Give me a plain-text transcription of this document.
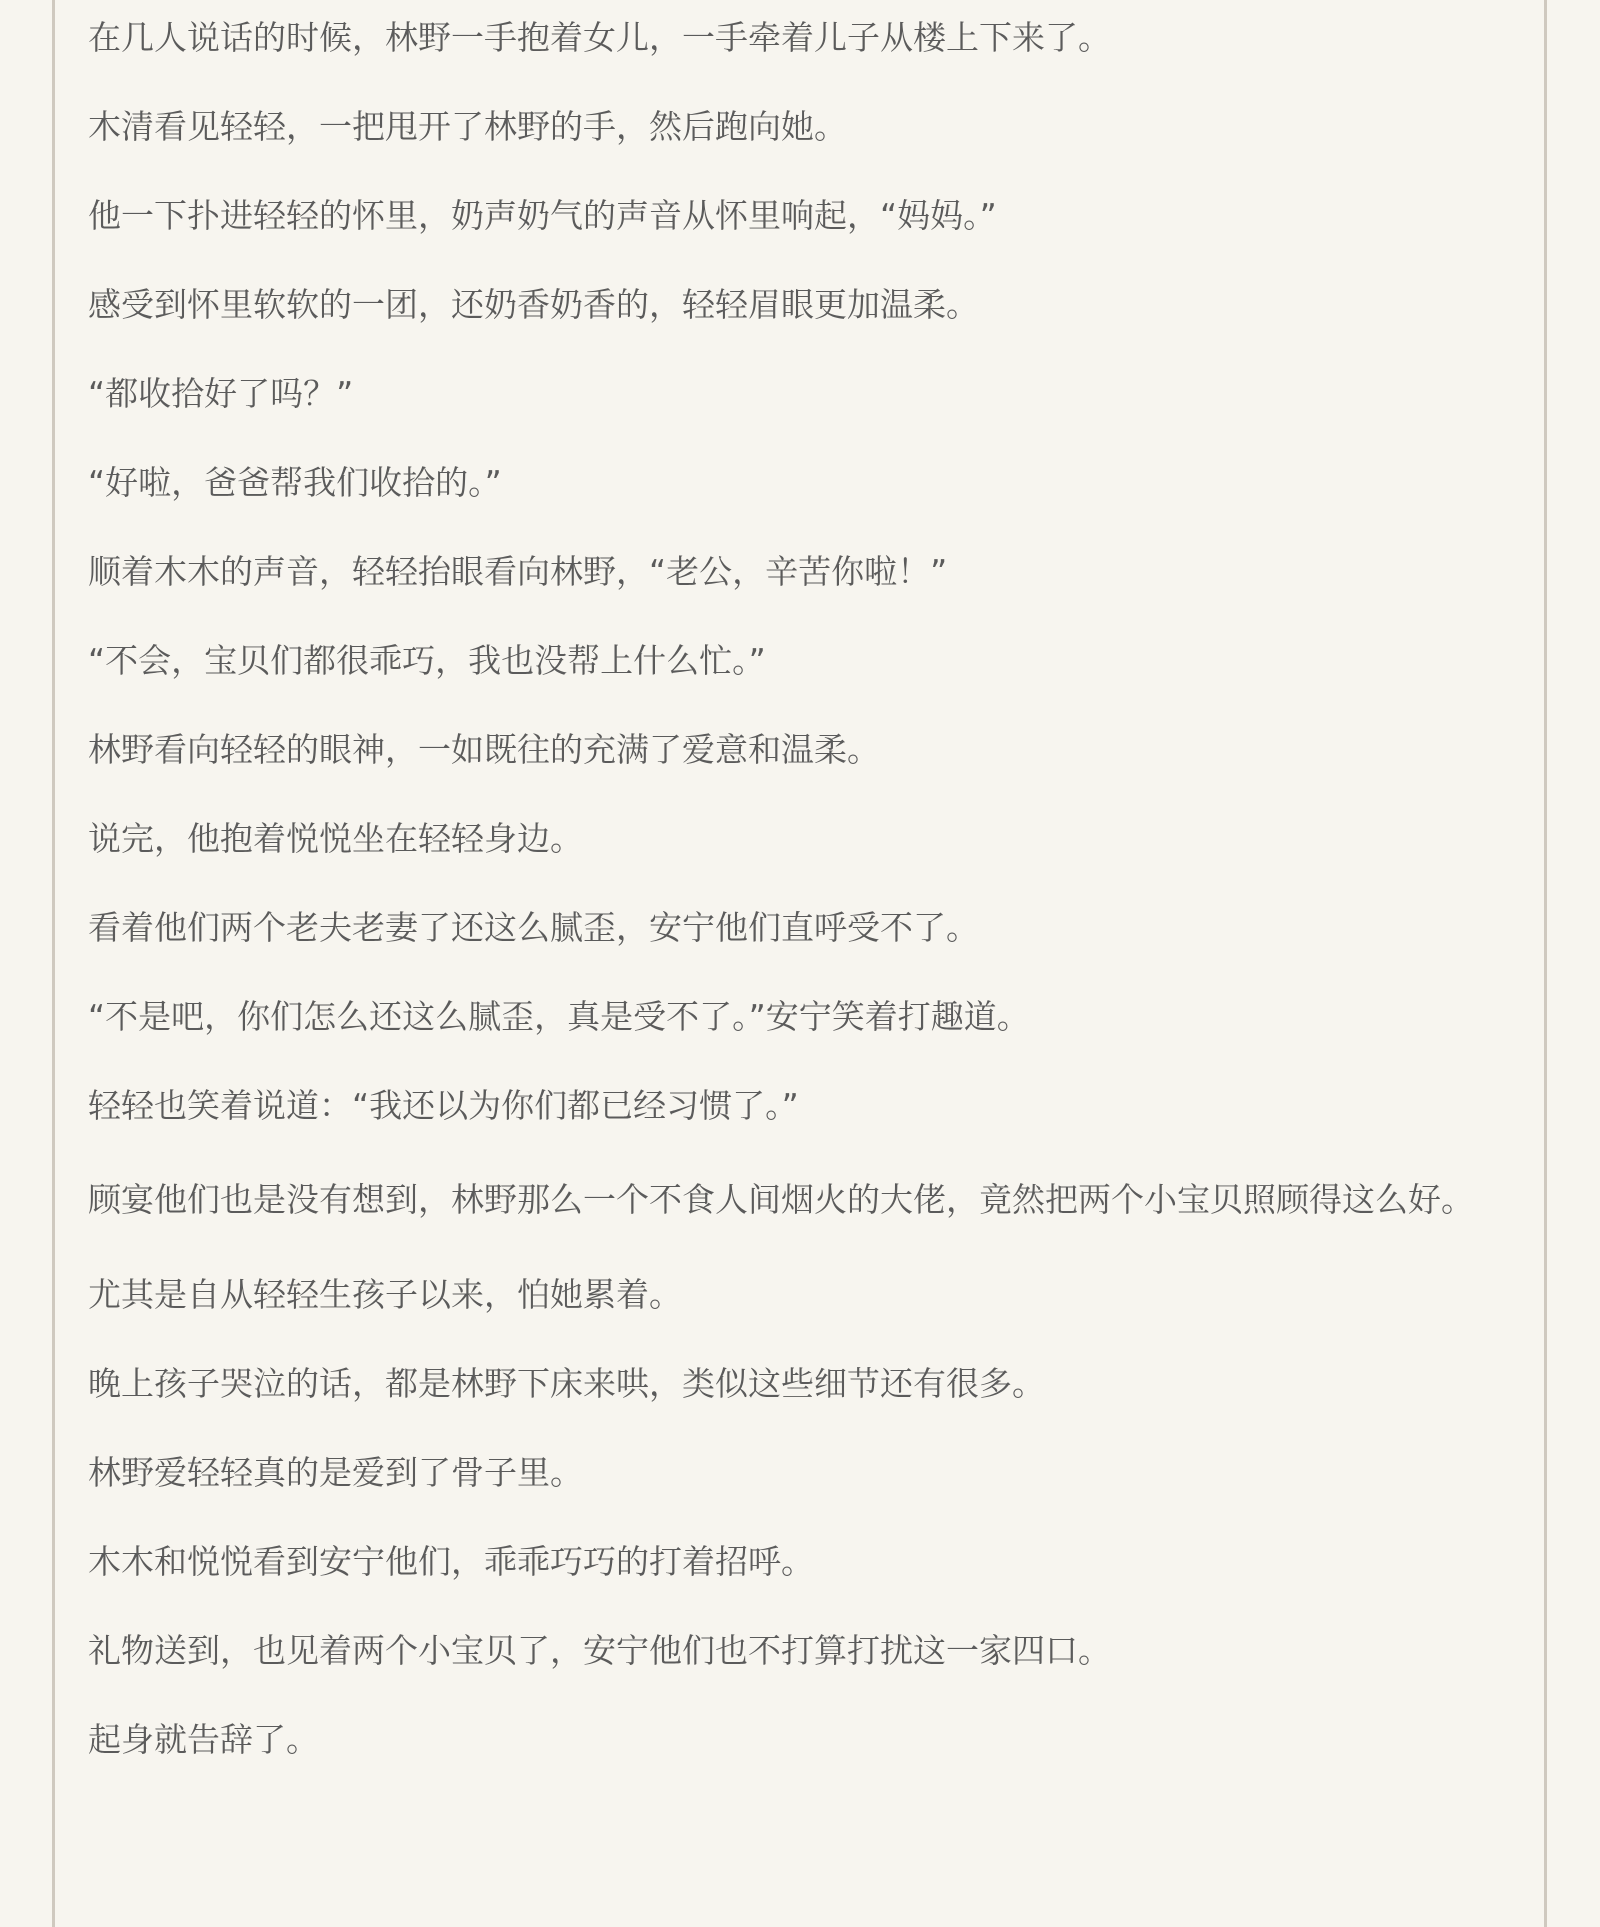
在几人说话的时候，林野一手抱着女儿，一手牵着儿子从楼上下来了。

木清看见轻轻，一把甩开了林野的手，然后跑向她。

他一下扑进轻轻的怀里，奶声奶气的声音从怀里响起，“妈妈。”

感受到怀里软软的一团，还奶香奶香的，轻轻眉眼更加温柔。

“都收拾好了吗？”

“好啦，爸爸帮我们收拾的。”

顺着木木的声音，轻轻抬眼看向林野，“老公，辛苦你啦！”

“不会，宝贝们都很乖巧，我也没帮上什么忙。”

林野看向轻轻的眼神，一如既往的充满了爱意和温柔。

说完，他抱着悦悦坐在轻轻身边。

看着他们两个老夫老妻了还这么腻歪，安宁他们直呼受不了。

“不是吧，你们怎么还这么腻歪，真是受不了。”安宁笑着打趣道。

轻轻也笑着说道：“我还以为你们都已经习惯了。”

顾宴他们也是没有想到，林野那么一个不食人间烟火的大佬，竟然把两个小宝贝照顾得这么好。

尤其是自从轻轻生孩子以来，怕她累着。

晚上孩子哭泣的话，都是林野下床来哄，类似这些细节还有很多。

林野爱轻轻真的是爱到了骨子里。

木木和悦悦看到安宁他们，乖乖巧巧的打着招呼。

礼物送到，也见着两个小宝贝了，安宁他们也不打算打扰这一家四口。

起身就告辞了。
